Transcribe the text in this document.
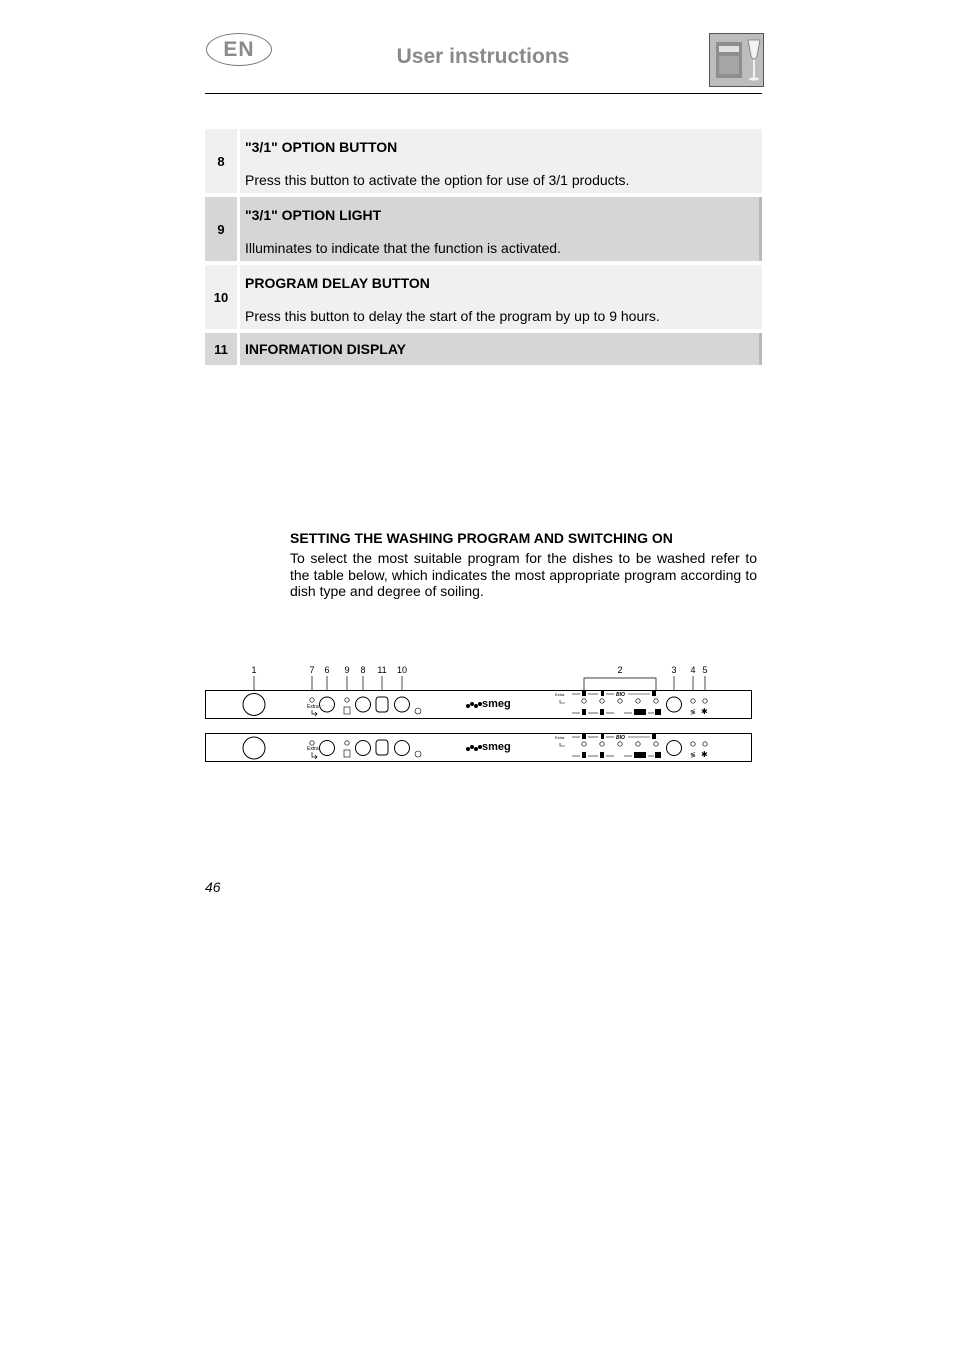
EN	User instructions
8
"3/1" OPTION BUTTON
Press this button to activate the option for use of 3/1 products.
9
"3/1" OPTION LIGHT
Illuminates to indicate that the function is activated.
10
PROGRAM DELAY BUTTON
Press this button to delay the start of the program by up to 9 hours.
11	INFORMATION DISPLAY
SETTING THE WASHING PROGRAM AND SWITCHING ON
To select the most suitable program for the dishes to be washed refer to the table below, which indicates the most appropriate program according to dish type and degree of soiling.
1	7 6 9 8 11 10	2	3 4 5
Extra	smeg
Extra	BIO
≶ ✱
Extra	smeg
Extra	BIO
≶ ✱
46
